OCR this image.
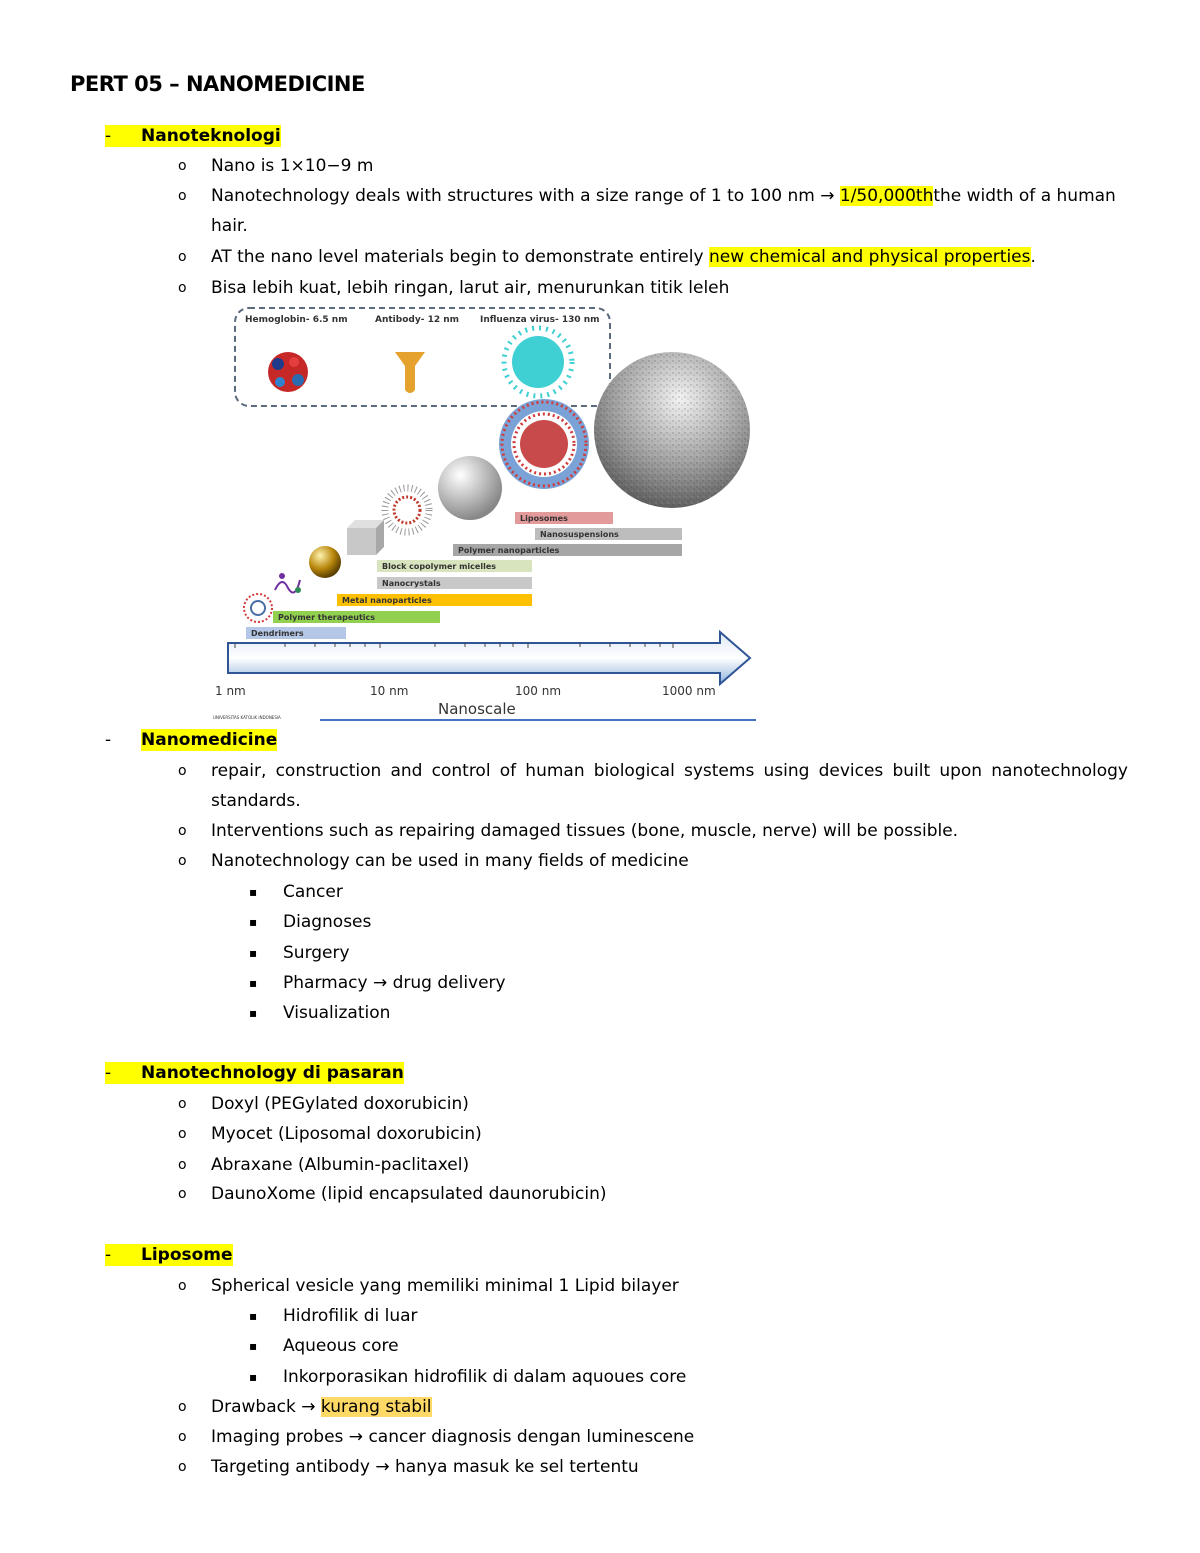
PERT 05 – NANOMEDICINE
-	Nanoteknologi
o Nano is 1×10−9 m
o Nanotechnology deals with structures with a size range of 1 to 100 nm → 1/50,000ththe width of a human
hair.
o AT the nano level materials begin to demonstrate entirely new chemical and physical properties.
o Bisa lebih kuat, lebih ringan, larut air, menurunkan titik leleh
Hemoglobin- 6.5 nm	Antibody- 12 nm Influenza virus- 130 nm
Liposomes
Nanosuspensions
Polymer nanoparticles
Block copolymer micelles
Nanocrystals
Metal nanoparticles
Polymer therapeutics
Dendrimers
1 nm	10 nm	100 nm	1000 nm
Nanoscale
UNIVERSITAS KATOLIK INDONESIA
-	Nanomedicine
o repair, construction and control of human biological systems using devices built upon nanotechnology
standards.
o Interventions such as repairing damaged tissues (bone, muscle, nerve) will be possible.
o Nanotechnology can be used in many fields of medicine
▪ Cancer
▪ Diagnoses
▪ Surgery
▪ Pharmacy → drug delivery
▪ Visualization
-	Nanotechnology di pasaran
o Doxyl (PEGylated doxorubicin)
o Myocet (Liposomal doxorubicin)
o Abraxane (Albumin-paclitaxel)
o DaunoXome (lipid encapsulated daunorubicin)
-	Liposome
o Spherical vesicle yang memiliki minimal 1 Lipid bilayer
▪ Hidrofilik di luar
▪ Aqueous core
▪ Inkorporasikan hidrofilik di dalam aquoues core
o Drawback → kurang stabil
o Imaging probes → cancer diagnosis dengan luminescene
o Targeting antibody → hanya masuk ke sel tertentu
